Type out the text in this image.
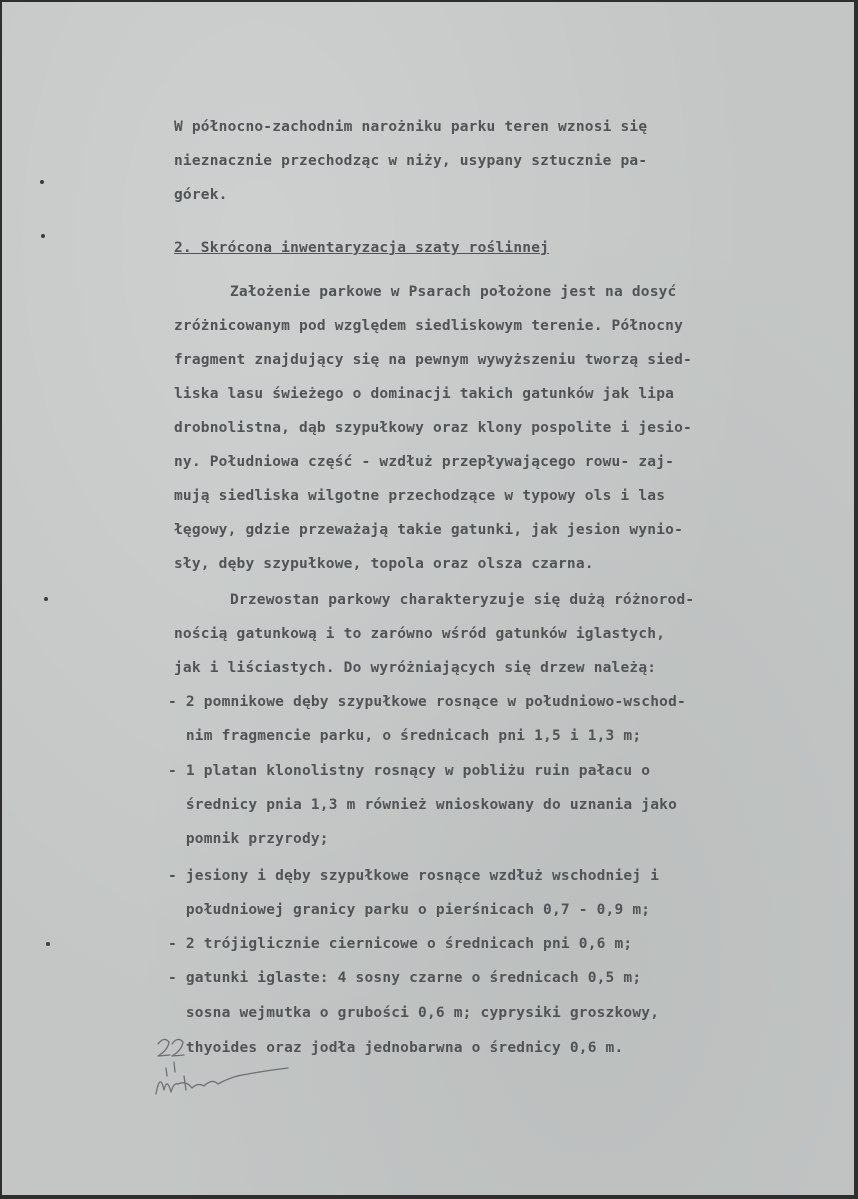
W północno-zachodnim narożniku parku teren wznosi się
nieznacznie przechodząc w niży, usypany sztucznie pa-
górek.
2. Skrócona inwentaryzacja szaty roślinnej
Założenie parkowe w Psarach położone jest na dosyć
zróżnicowanym pod względem siedliskowym terenie. Północny
fragment znajdujący się na pewnym wywyższeniu tworzą sied-
liska lasu świeżego o dominacji takich gatunków jak lipa
drobnolistna, dąb szypułkowy oraz klony pospolite i jesio-
ny. Południowa część - wzdłuż przepływającego rowu- zaj-
mują siedliska wilgotne przechodzące w typowy ols i las
łęgowy, gdzie przeważają takie gatunki, jak jesion wynio-
sły, dęby szypułkowe, topola oraz olsza czarna.
Drzewostan parkowy charakteryzuje się dużą różnorod-
nością gatunkową i to zarówno wśród gatunków iglastych,
jak i liściastych. Do wyróżniających się drzew należą:
- 2 pomnikowe dęby szypułkowe rosnące w południowo-wschod-
nim fragmencie parku, o średnicach pni 1,5 i 1,3 m;
- 1 platan klonolistny rosnący w pobliżu ruin pałacu o
średnicy pnia 1,3 m również wnioskowany do uznania jako
pomnik przyrody;
- jesiony i dęby szypułkowe rosnące wzdłuż wschodniej i
południowej granicy parku o pierśnicach 0,7 - 0,9 m;
- 2 trójiglicznie ciernicowe o średnicach pni 0,6 m;
- gatunki iglaste: 4 sosny czarne o średnicach 0,5 m;
sosna wejmutka o grubości 0,6 m; cyprysiki groszkowy,
thyoides oraz jodła jednobarwna o średnicy 0,6 m.
